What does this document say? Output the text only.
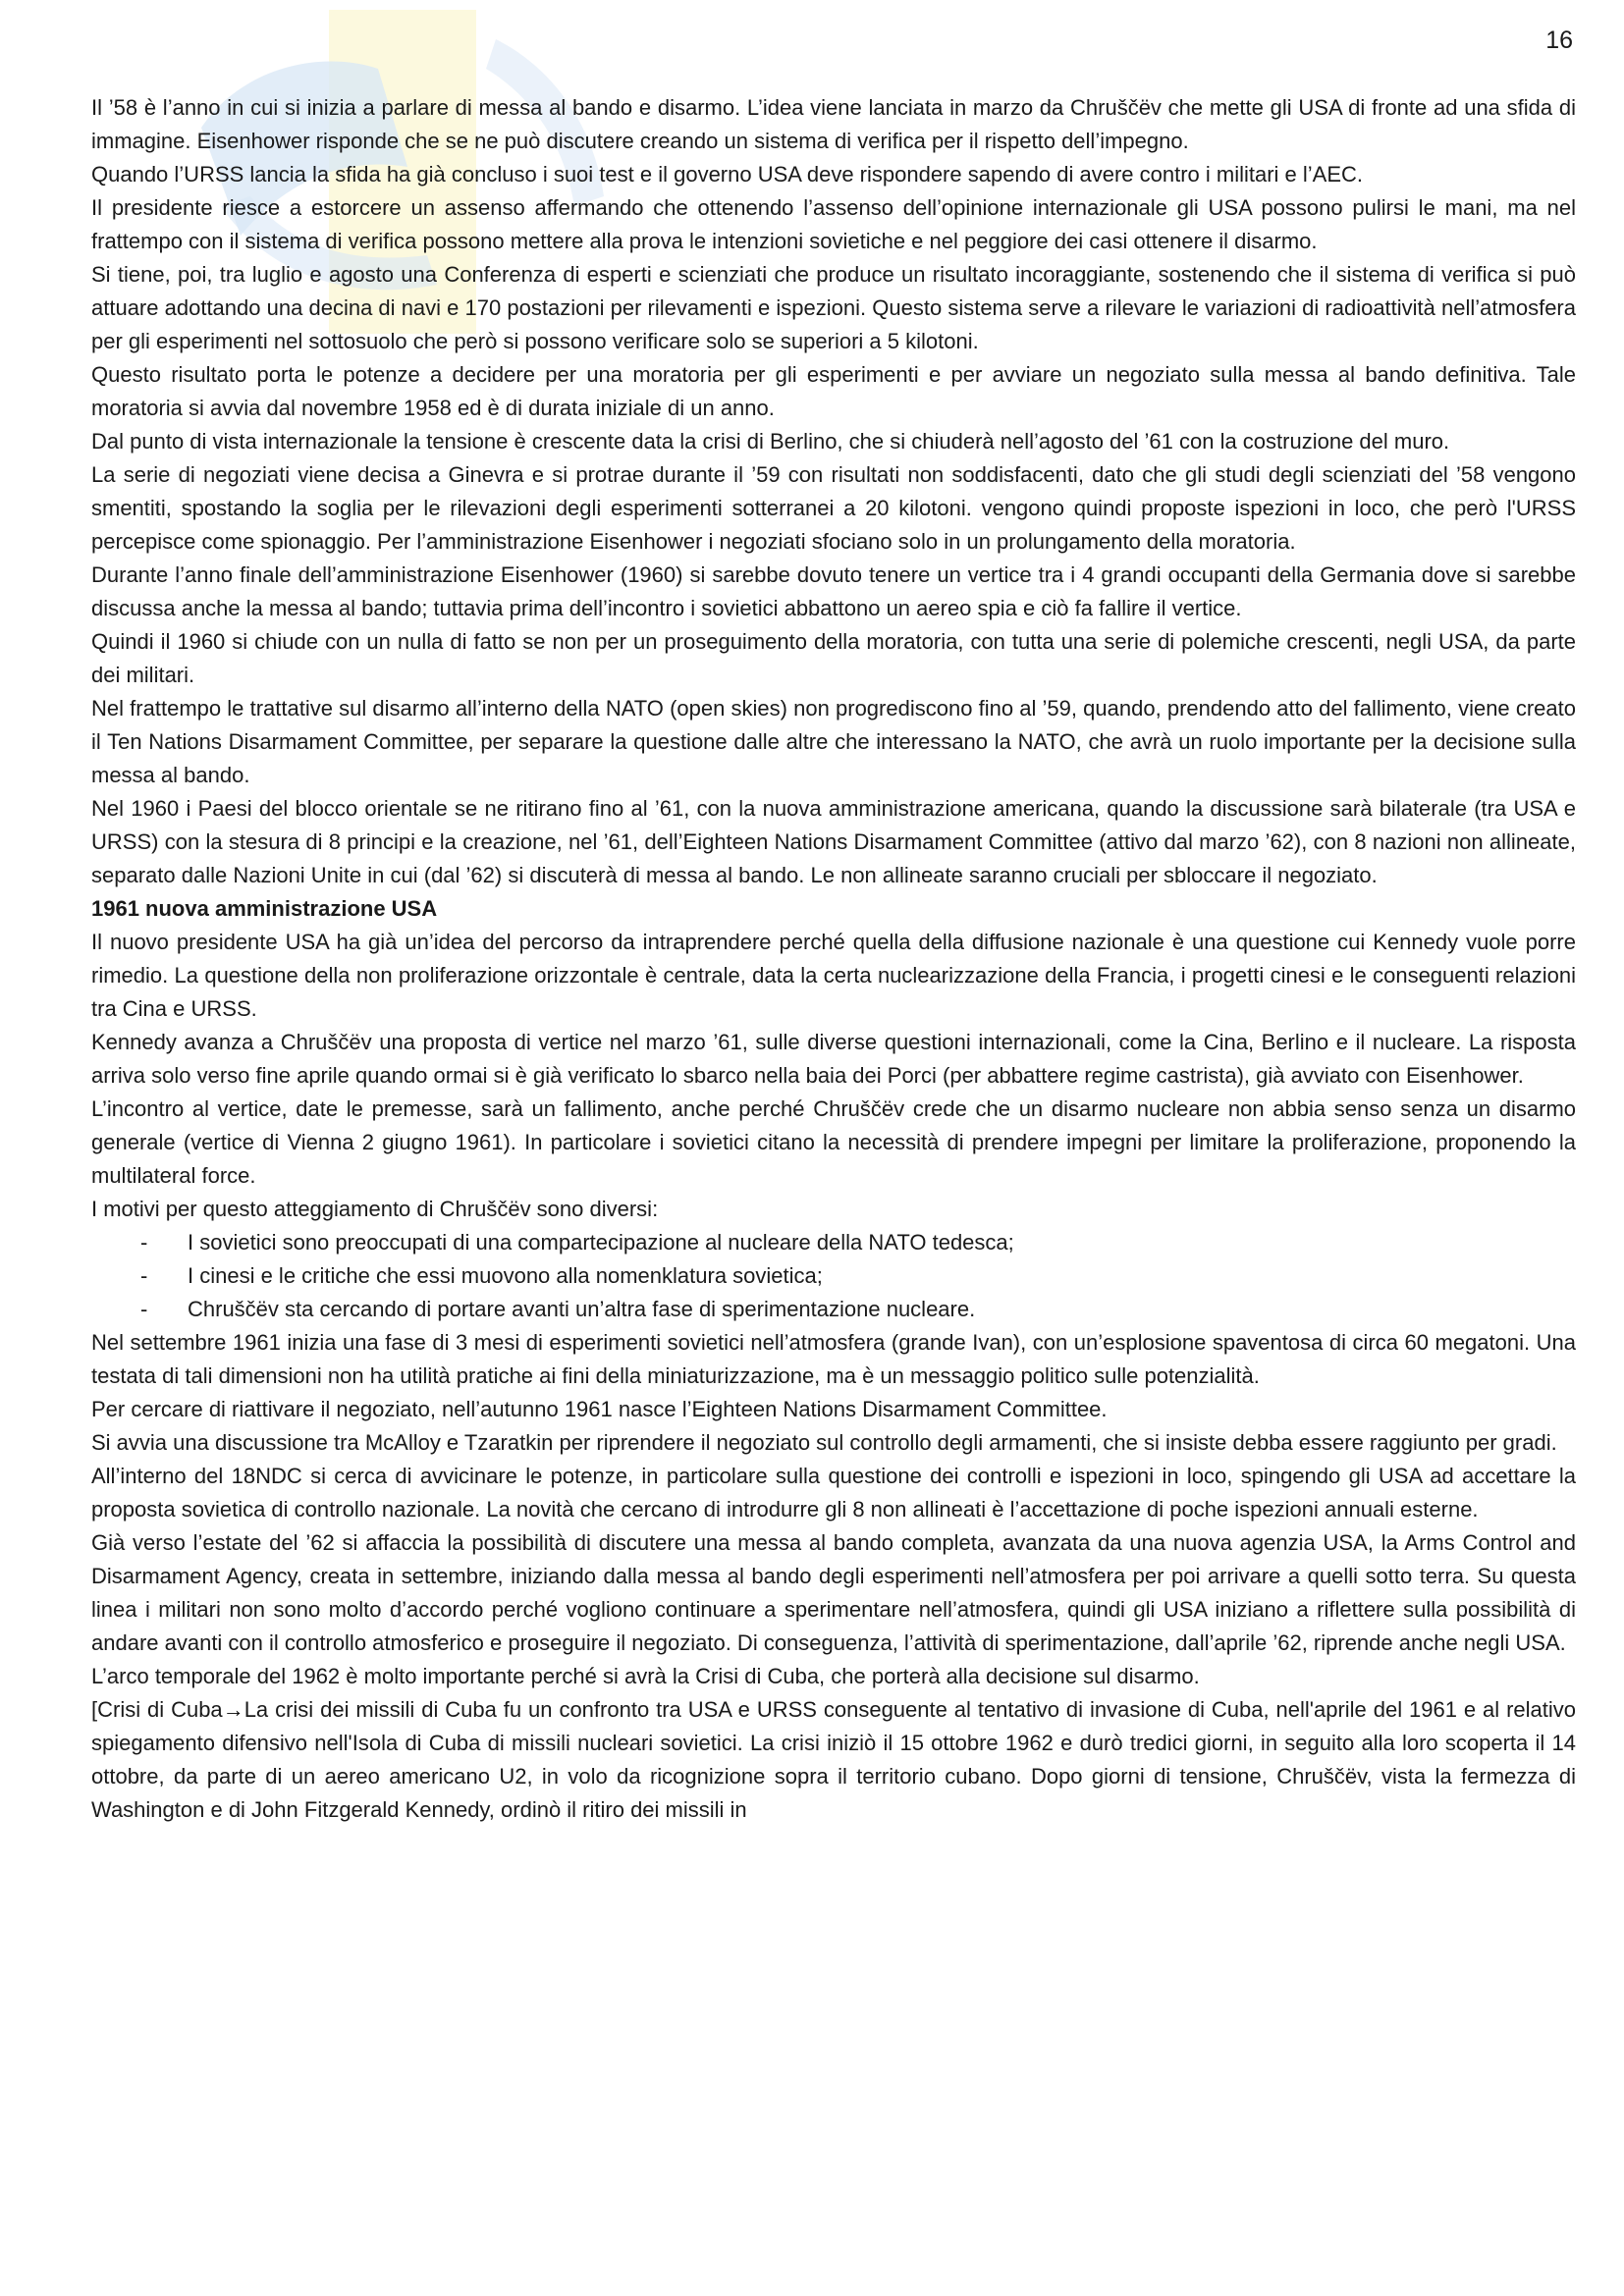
16

Il ’58 è l’anno in cui si inizia a parlare di messa al bando e disarmo. L’idea viene lanciata in marzo da Chruščëv che mette gli USA di fronte ad una sfida di immagine. Eisenhower risponde che se ne può discutere creando un sistema di verifica per il rispetto dell’impegno.

Quando l’URSS lancia la sfida ha già concluso i suoi test e il governo USA deve rispondere sapendo di avere contro i militari e l’AEC.

Il presidente riesce a estorcere un assenso affermando che ottenendo l’assenso dell’opinione internazionale gli USA possono pulirsi le mani, ma nel frattempo con il sistema di verifica possono mettere alla prova le intenzioni sovietiche e nel peggiore dei casi ottenere il disarmo.

Si tiene, poi, tra luglio e agosto una Conferenza di esperti e scienziati che produce un risultato incoraggiante, sostenendo che il sistema di verifica si può attuare adottando una decina di navi e 170 postazioni per rilevamenti e ispezioni. Questo sistema serve a rilevare le variazioni di radioattività nell’atmosfera per gli esperimenti nel sottosuolo che però si possono verificare solo se superiori a 5 kilotoni.

Questo risultato porta le potenze a decidere per una moratoria per gli esperimenti e per avviare un negoziato sulla messa al bando definitiva. Tale moratoria si avvia dal novembre 1958 ed è di durata iniziale di un anno.

Dal punto di vista internazionale la tensione è crescente data la crisi di Berlino, che si chiuderà nell’agosto del ’61 con la costruzione del muro.

La serie di negoziati viene decisa a Ginevra e si protrae durante il ’59 con risultati non soddisfacenti, dato che gli studi degli scienziati del ’58 vengono smentiti, spostando la soglia per le rilevazioni degli esperimenti sotterranei a 20 kilotoni. vengono quindi proposte ispezioni in loco, che però l'URSS percepisce come spionaggio. Per l’amministrazione Eisenhower i negoziati sfociano solo in un prolungamento della moratoria.

Durante l’anno finale dell’amministrazione Eisenhower (1960) si sarebbe dovuto tenere un vertice tra i 4 grandi occupanti della Germania dove si sarebbe discussa anche la messa al bando; tuttavia prima dell’incontro i sovietici abbattono un aereo spia e ciò fa fallire il vertice.

Quindi il 1960 si chiude con un nulla di fatto se non per un proseguimento della moratoria, con tutta una serie di polemiche crescenti, negli USA, da parte dei militari.

Nel frattempo le trattative sul disarmo all’interno della NATO (open skies) non progrediscono fino al ’59, quando, prendendo atto del fallimento, viene creato il Ten Nations Disarmament Committee, per separare la questione dalle altre che interessano la NATO, che avrà un ruolo importante per la decisione sulla messa al bando.

Nel 1960 i Paesi del blocco orientale se ne ritirano fino al ’61, con la nuova amministrazione americana, quando la discussione sarà bilaterale (tra USA e URSS) con la stesura di 8 principi e la creazione, nel ’61, dell’Eighteen Nations Disarmament Committee (attivo dal marzo ’62), con 8 nazioni non allineate, separato dalle Nazioni Unite in cui (dal ’62) si discuterà di messa al bando. Le non allineate saranno cruciali per sbloccare il negoziato.

1961 nuova amministrazione USA

Il nuovo presidente USA ha già un’idea del percorso da intraprendere perché quella della diffusione nazionale è una questione cui Kennedy vuole porre rimedio. La questione della non proliferazione orizzontale è centrale, data la certa nuclearizzazione della Francia, i progetti cinesi e le conseguenti relazioni tra Cina e URSS.

Kennedy avanza a Chruščëv una proposta di vertice nel marzo ’61, sulle diverse questioni internazionali, come la Cina, Berlino e il nucleare. La risposta arriva solo verso fine aprile quando ormai si è già verificato lo sbarco nella baia dei Porci (per abbattere regime castrista), già avviato con Eisenhower.

L’incontro al vertice, date le premesse, sarà un fallimento, anche perché Chruščëv crede che un disarmo nucleare non abbia senso senza un disarmo generale (vertice di Vienna 2 giugno 1961). In particolare i sovietici citano la necessità di prendere impegni per limitare la proliferazione, proponendo la multilateral force.

I motivi per questo atteggiamento di Chruščëv sono diversi:

- I sovietici sono preoccupati di una compartecipazione al nucleare della NATO tedesca;
- I cinesi e le critiche che essi muovono alla nomenklatura sovietica;
- Chruščëv sta cercando di portare avanti un’altra fase di sperimentazione nucleare.

Nel settembre 1961 inizia una fase di 3 mesi di esperimenti sovietici nell’atmosfera (grande Ivan), con un’esplosione spaventosa di circa 60 megatoni. Una testata di tali dimensioni non ha utilità pratiche ai fini della miniaturizzazione, ma è un messaggio politico sulle potenzialità.

Per cercare di riattivare il negoziato, nell’autunno 1961 nasce l’Eighteen Nations Disarmament Committee.

Si avvia una discussione tra McAlloy e Tzaratkin per riprendere il negoziato sul controllo degli armamenti, che si insiste debba essere raggiunto per gradi.

All’interno del 18NDC si cerca di avvicinare le potenze, in particolare sulla questione dei controlli e ispezioni in loco, spingendo gli USA ad accettare la proposta sovietica di controllo nazionale. La novità che cercano di introdurre gli 8 non allineati è l’accettazione di poche ispezioni annuali esterne.

Già verso l’estate del ’62 si affaccia la possibilità di discutere una messa al bando completa, avanzata da una nuova agenzia USA, la Arms Control and Disarmament Agency, creata in settembre, iniziando dalla messa al bando degli esperimenti nell’atmosfera per poi arrivare a quelli sotto terra. Su questa linea i militari non sono molto d’accordo perché vogliono continuare a sperimentare nell’atmosfera, quindi gli USA iniziano a riflettere sulla possibilità di andare avanti con il controllo atmosferico e proseguire il negoziato. Di conseguenza, l’attività di sperimentazione, dall’aprile ’62, riprende anche negli USA.

L’arco temporale del 1962 è molto importante perché si avrà la Crisi di Cuba, che porterà alla decisione sul disarmo.

[Crisi di Cuba→La crisi dei missili di Cuba fu un confronto tra USA e URSS conseguente al tentativo di invasione di Cuba, nell'aprile del 1961 e al relativo spiegamento difensivo nell'Isola di Cuba di missili nucleari sovietici. La crisi iniziò il 15 ottobre 1962 e durò tredici giorni, in seguito alla loro scoperta il 14 ottobre, da parte di un aereo americano U2, in volo da ricognizione sopra il territorio cubano. Dopo giorni di tensione, Chruščëv, vista la fermezza di Washington e di John Fitzgerald Kennedy, ordinò il ritiro dei missili in
